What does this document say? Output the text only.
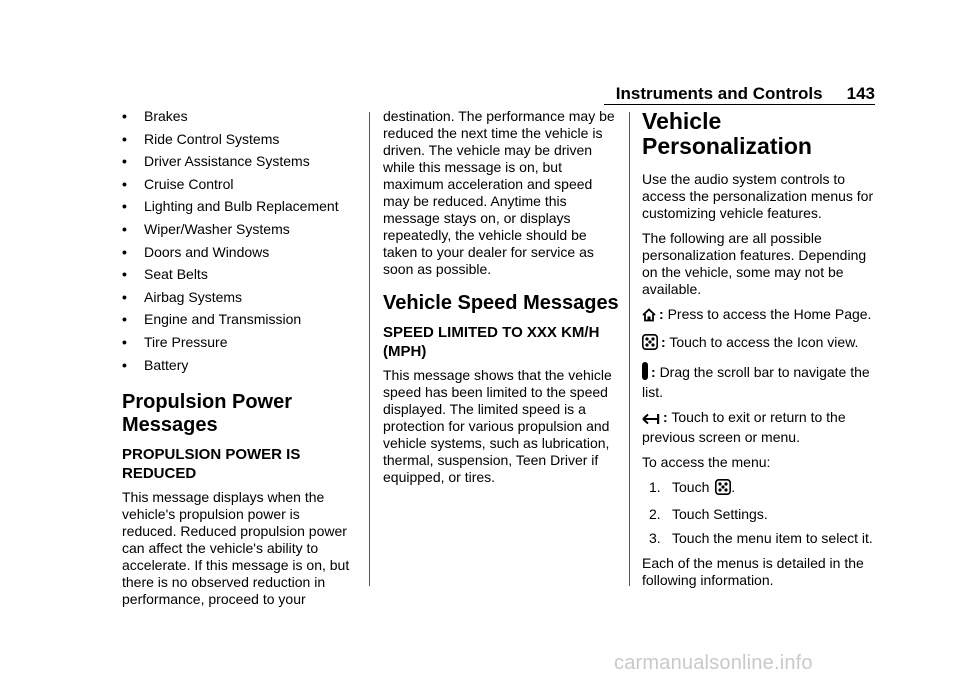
Instruments and Controls 143
• Brakes
• Ride Control Systems
• Driver Assistance Systems
• Cruise Control
• Lighting and Bulb Replacement
• Wiper/Washer Systems
• Doors and Windows
• Seat Belts
• Airbag Systems
• Engine and Transmission
• Tire Pressure
• Battery
Propulsion Power Messages
PROPULSION POWER IS REDUCED

This message displays when the vehicle's propulsion power is reduced. Reduced propulsion power can affect the vehicle's ability to accelerate. If this message is on, but there is no observed reduction in performance, proceed to your

destination. The performance may be reduced the next time the vehicle is driven. The vehicle may be driven while this message is on, but maximum acceleration and speed may be reduced. Anytime this message stays on, or displays repeatedly, the vehicle should be taken to your dealer for service as soon as possible.

Vehicle Speed Messages
SPEED LIMITED TO XXX KM/H (MPH)

This message shows that the vehicle speed has been limited to the speed displayed. The limited speed is a protection for various propulsion and vehicle systems, such as lubrication, thermal, suspension, Teen Driver if equipped, or tires.

Vehicle Personalization

Use the audio system controls to access the personalization menus for customizing vehicle features.

The following are all possible personalization features. Depending on the vehicle, some may not be available.

: Press to access the Home Page.
: Touch to access the Icon view.
: Drag the scroll bar to navigate the list.
: Touch to exit or return to the previous screen or menu.

To access the menu:

1. Touch .
2. Touch Settings.
3. Touch the menu item to select it.

Each of the menus is detailed in the following information.

carmanualsonline.info
